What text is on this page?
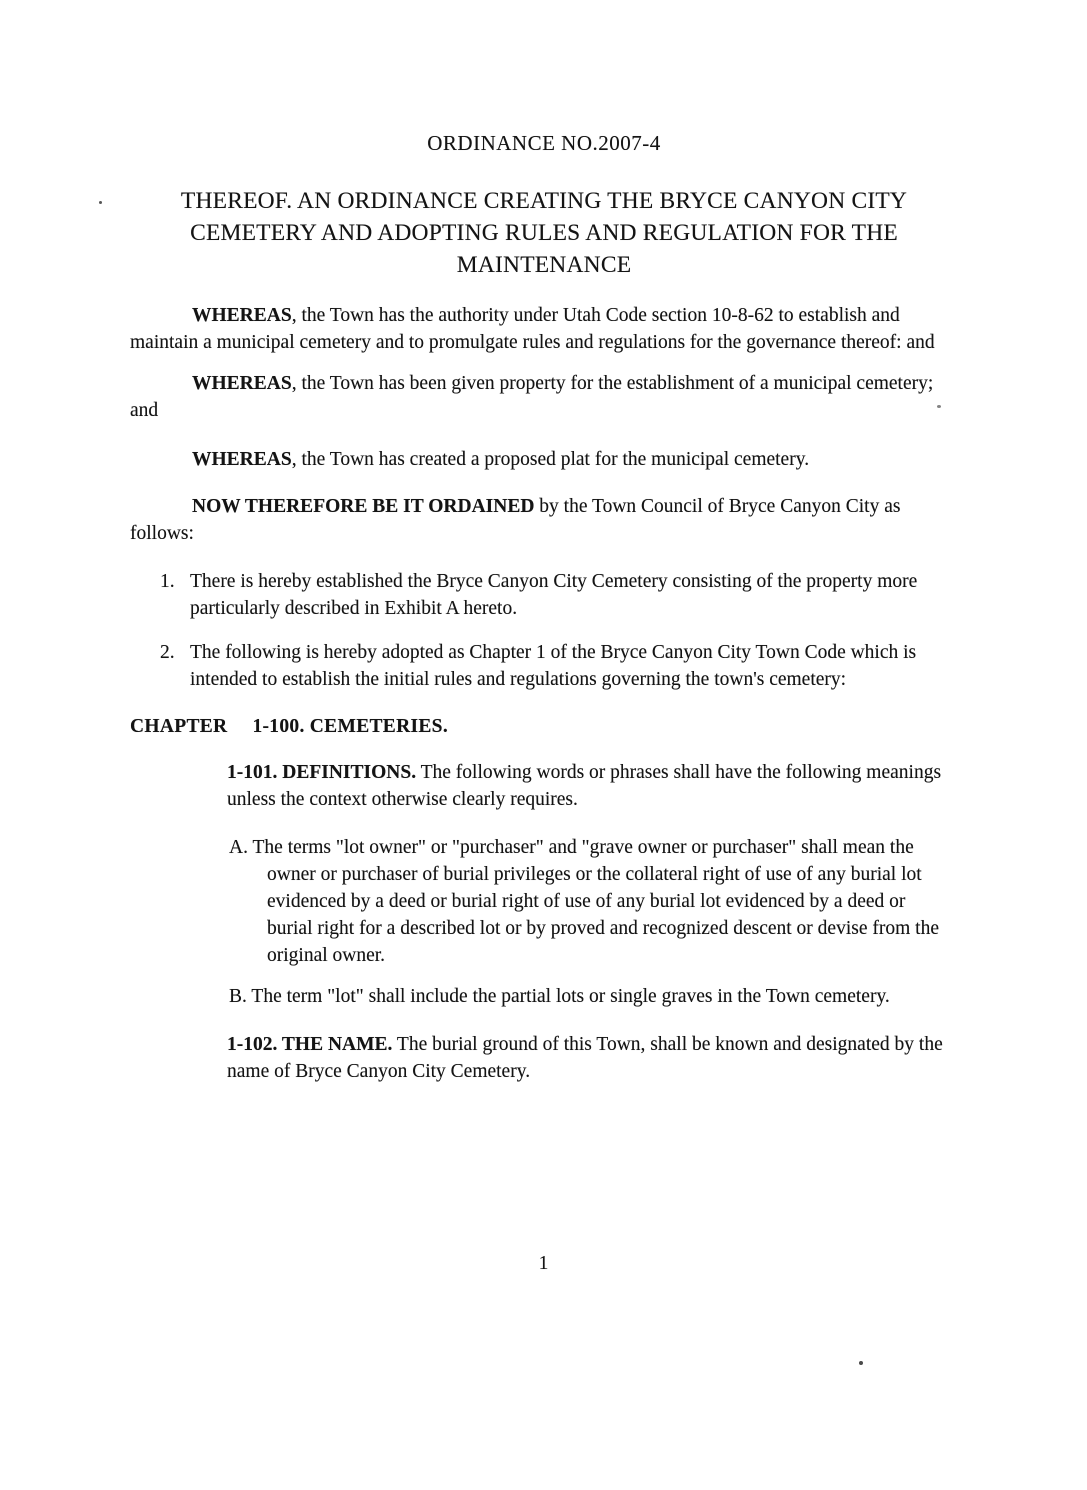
ORDINANCE NO.2007-4

THEREOF. AN ORDINANCE CREATING THE BRYCE CANYON CITY CEMETERY AND ADOPTING RULES AND REGULATION FOR THE MAINTENANCE

WHEREAS, the Town has the authority under Utah Code section 10-8-62 to establish and maintain a municipal cemetery and to promulgate rules and regulations for the governance thereof: and

WHEREAS, the Town has been given property for the establishment of a municipal cemetery; and

WHEREAS, the Town has created a proposed plat for the municipal cemetery.

NOW THEREFORE BE IT ORDAINED by the Town Council of Bryce Canyon City as follows:

1. There is hereby established the Bryce Canyon City Cemetery consisting of the property more particularly described in Exhibit A hereto.

2. The following is hereby adopted as Chapter 1 of the Bryce Canyon City Town Code which is intended to establish the initial rules and regulations governing the town's cemetery:

CHAPTER 1-100. CEMETERIES.

1-101. DEFINITIONS. The following words or phrases shall have the following meanings unless the context otherwise clearly requires.

A. The terms "lot owner" or "purchaser" and "grave owner or purchaser" shall mean the owner or purchaser of burial privileges or the collateral right of use of any burial lot evidenced by a deed or burial right of use of any burial lot evidenced by a deed or burial right for a described lot or by proved and recognized descent or devise from the original owner.

B. The term "lot" shall include the partial lots or single graves in the Town cemetery.

1-102. THE NAME. The burial ground of this Town, shall be known and designated by the name of Bryce Canyon City Cemetery.

1
